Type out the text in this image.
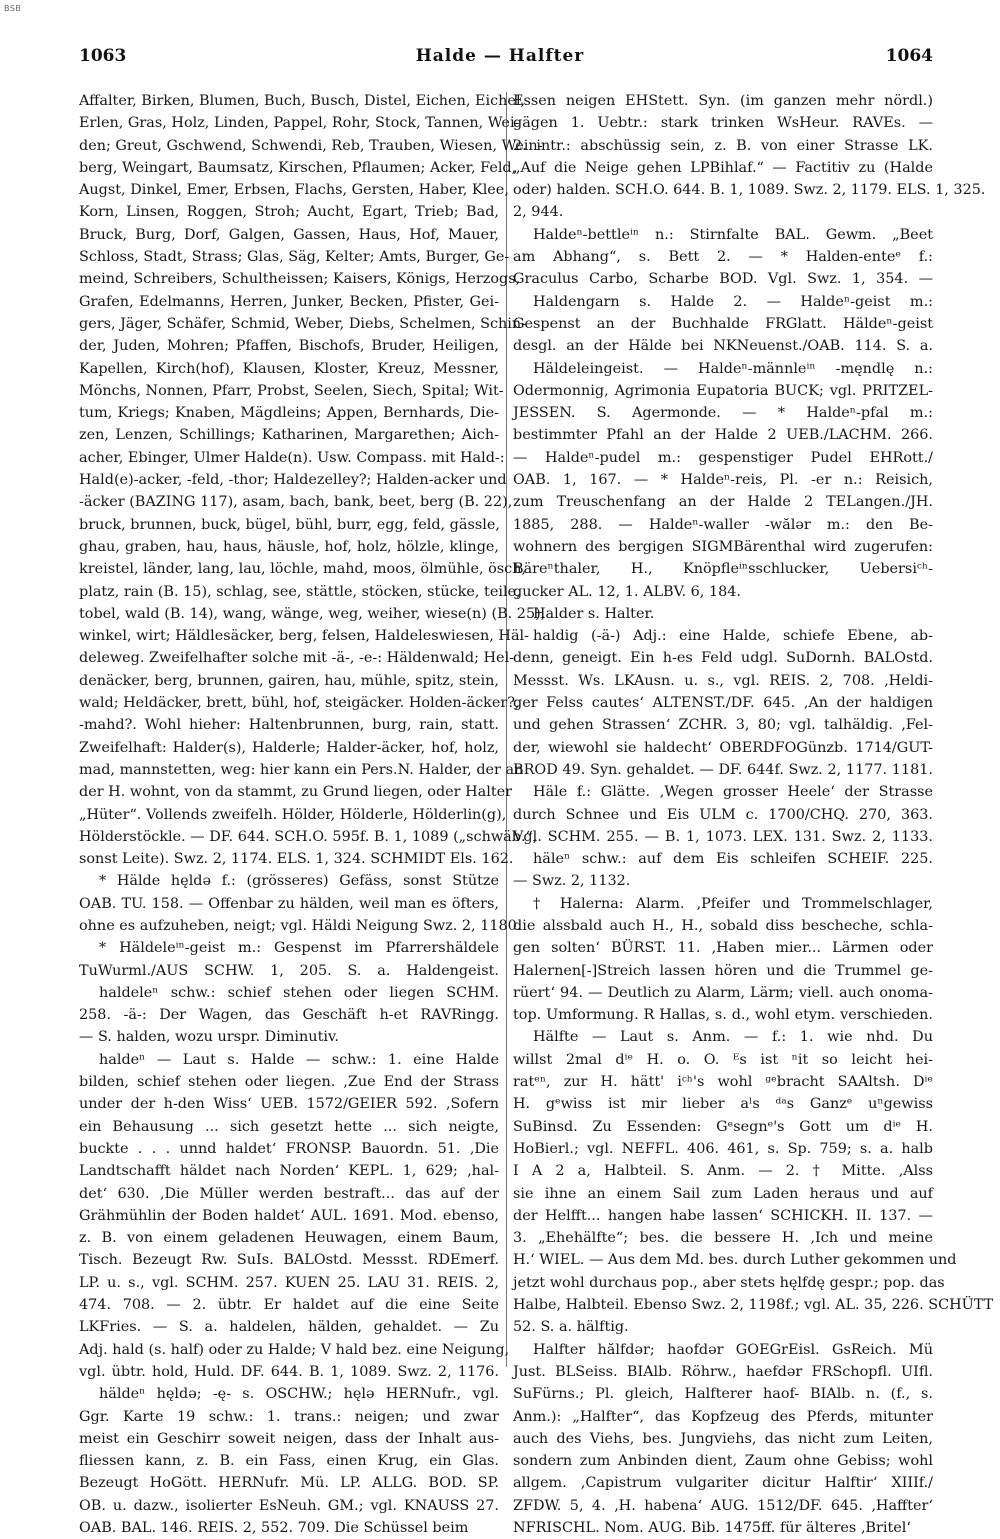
BSB
1063	Halde — Halfter	1064
Affalter, Birken, Blumen, Buch, Busch, Distel, Eichen, Eichel,
Erlen, Gras, Holz, Linden, Pappel, Rohr, Stock, Tannen, Wei-
den; Greut, Gschwend, Schwendi, Reb, Trauben, Wiesen, Wein-
berg, Weingart, Baumsatz, Kirschen, Pflaumen; Acker, Feld,
Augst, Dinkel, Emer, Erbsen, Flachs, Gersten, Haber, Klee,
Korn, Linsen, Roggen, Stroh; Aucht, Egart, Trieb; Bad,
Bruck, Burg, Dorf, Galgen, Gassen, Haus, Hof, Mauer,
Schloss, Stadt, Strass; Glas, Säg, Kelter; Amts, Burger, Ge-
meind, Schreibers, Schultheissen; Kaisers, Königs, Herzogs,
Grafen, Edelmanns, Herren, Junker, Becken, Pfister, Gei-
gers, Jäger, Schäfer, Schmid, Weber, Diebs, Schelmen, Schin-
der, Juden, Mohren; Pfaffen, Bischofs, Bruder, Heiligen,
Kapellen, Kirch(hof), Klausen, Kloster, Kreuz, Messner,
Mönchs, Nonnen, Pfarr, Probst, Seelen, Siech, Spital; Wit-
tum, Kriegs; Knaben, Mägdleins; Appen, Bernhards, Die-
zen, Lenzen, Schillings; Katharinen, Margarethen; Aich-
acher, Ebinger, Ulmer Halde(n). Usw. Compass. mit Hald-:
Hald(e)-acker, -feld, -thor; Haldezelley?; Halden-acker und
-äcker (BAZING 117), asam, bach, bank, beet, berg (B. 22),
bruck, brunnen, buck, bügel, bühl, burr, egg, feld, gässle,
ghau, graben, hau, haus, häusle, hof, holz, hölzle, klinge,
kreistel, länder, lang, lau, löchle, mahd, moos, ölmühle, ösch,
platz, rain (B. 15), schlag, see, stättle, stöcken, stücke, teile,
tobel, wald (B. 14), wang, wänge, weg, weiher, wiese(n) (B. 25),
winkel, wirt; Häldlesäcker, berg, felsen, Haldeleswiesen, Häl-
deleweg. Zweifelhafter solche mit -ä-, -e-: Häldenwald; Hel-
denäcker, berg, brunnen, gairen, hau, mühle, spitz, stein,
wald; Heldäcker, brett, bühl, hof, steigäcker. Holden-äcker?,
-mahd?. Wohl hieher: Haltenbrunnen, burg, rain, statt.
Zweifelhaft: Halder(s), Halderle; Halder-äcker, hof, holz,
mad, mannstetten, weg: hier kann ein Pers.N. Halder, der an
der H. wohnt, von da stammt, zu Grund liegen, oder Halter
„Hüter“. Vollends zweifelh. Hölder, Hölderle, Hölderlin(g),
Hölderstöckle. — DF. 644. SCH.O. 595f. B. 1, 1089 („schwäb.“,
sonst Leite). Swz. 2, 1174. ELS. 1, 324. SCHMIDT Els. 162.
* Hälde hęldə f.: (grösseres) Gefäss, sonst Stütze
OAB. TU. 158. — Offenbar zu hälden, weil man es öfters,
ohne es aufzuheben, neigt; vgl. Häldi Neigung Swz. 2, 1180.
* Häldeleⁱⁿ-geist m.: Gespenst im Pfarrershäldele
TuWurml./AUS SCHW. 1, 205. S. a. Haldengeist.
haldeleⁿ schw.: schief stehen oder liegen SCHM.
258. -ä-: Der Wagen, das Geschäft h-et RAVRingg.
— S. halden, wozu urspr. Diminutiv.
haldeⁿ — Laut s. Halde — schw.: 1. eine Halde
bilden, schief stehen oder liegen. ‚Zue End der Strass
under der h-den Wiss‘ UEB. 1572/GEIER 592. ‚Sofern
ein Behausung ... sich gesetzt hette ... sich neigte,
buckte . . . unnd haldet‘ FRONSP. Bauordn. 51. ‚Die
Landtschafft häldet nach Norden‘ KEPL. 1, 629; ‚hal-
det‘ 630. ‚Die Müller werden bestraft... das auf der
Grähmühlin der Boden haldet‘ AUL. 1691. Mod. ebenso,
z. B. von einem geladenen Heuwagen, einem Baum,
Tisch. Bezeugt Rw. SuIs. BALOstd. Messst. RDEmerf.
LP. u. s., vgl. SCHM. 257. KUEN 25. LAU 31. REIS. 2,
474. 708. — 2. übtr. Er haldet auf die eine Seite
LKFries. — S. a. haldelen, hälden, gehaldet. — Zu
Adj. hald (s. half) oder zu Halde; V hald bez. eine Neigung,
vgl. übtr. hold, Huld. DF. 644. B. 1, 1089. Swz. 2, 1176.
häldeⁿ hęldə; -ę- s. OSCHW.; hęlə HERNufr., vgl.
Ggr. Karte 19 schw.: 1. trans.: neigen; und zwar
meist ein Geschirr soweit neigen, dass der Inhalt aus-
fliessen kann, z. B. ein Fass, einen Krug, ein Glas.
Bezeugt HoGött. HERNufr. Mü. LP. ALLG. BOD. SP.
OB. u. dazw., isolierter EsNeuh. GM.; vgl. KNAUSS 27.
OAB. BAL. 146. REIS. 2, 552. 709. Die Schüssel beim
Essen neigen EHStett. Syn. (im ganzen mehr nördl.)
gägen 1. Uebtr.: stark trinken WsHeur. RAVEs. —
2. intr.: abschüssig sein, z. B. von einer Strasse LK.
„Auf die Neige gehen LPBihlaf.“ — Factitiv zu (Halde
oder) halden. SCH.O. 644. B. 1, 1089. Swz. 2, 1179. ELS. 1, 325.
2, 944.
Haldeⁿ-bettleⁱⁿ n.: Stirnfalte BAL. Gewm. „Beet
am Abhang“, s. Bett 2. — * Halden-enteᵉ f.:
Graculus Carbo, Scharbe BOD. Vgl. Swz. 1, 354. —
Haldengarn s. Halde 2. — Haldeⁿ-geist m.:
Gespenst an der Buchhalde FRGlatt. Häldeⁿ-geist
desgl. an der Hälde bei NKNeuenst./OAB. 114. S. a.
Häldeleingeist. — Haldeⁿ-männleⁱⁿ -męndlę n.:
Odermonnig, Agrimonia Eupatoria BUCK; vgl. PRITZEL-
JESSEN. S. Agermonde. — * Haldeⁿ-pfal m.:
bestimmter Pfahl an der Halde 2 UEB./LACHM. 266.
— Haldeⁿ-pudel m.: gespenstiger Pudel EHRott./
OAB. 1, 167. — * Haldeⁿ-reis, Pl. -er n.: Reisich,
zum Treuschenfang an der Halde 2 TELangen./JH.
1885, 288. — Haldeⁿ-waller -wălər m.: den Be-
wohnern des bergigen SIGMBärenthal wird zugerufen:
Bäreⁿthaler, H., Knöpfleⁱⁿsschlucker, Uebersiᶜʰ-
gucker AL. 12, 1. ALBV. 6, 184.
Halder s. Halter.
haldig (-ä-) Adj.: eine Halde, schiefe Ebene, ab-
denn, geneigt. Ein h-es Feld udgl. SuDornh. BALOstd.
Messst. Ws. LKAusn. u. s., vgl. REIS. 2, 708. ‚Heldi-
ger Felss cautes‘ ALTENST./DF. 645. ‚An der haldigen
und gehen Strassen‘ ZCHR. 3, 80; vgl. talhäldig. ‚Fel-
der, wiewohl sie haldecht‘ OBERDFOGünzb. 1714/GUT-
BROD 49. Syn. gehaldet. — DF. 644f. Swz. 2, 1177. 1181.
Häle f.: Glätte. ‚Wegen grosser Heele‘ der Strasse
durch Schnee und Eis ULM c. 1700/CHQ. 270, 363.
Vgl. SCHM. 255. — B. 1, 1073. LEX. 131. Swz. 2, 1133.
häleⁿ schw.: auf dem Eis schleifen SCHEIF. 225.
— Swz. 2, 1132.
† Halerna: Alarm. ‚Pfeifer und Trommelschlager,
die alssbald auch H., H., sobald diss bescheche, schla-
gen solten‘ BÜRST. 11. ‚Haben mier... Lärmen oder
Halernen[-]Streich lassen hören und die Trummel ge-
rüert‘ 94. — Deutlich zu Alarm, Lärm; viell. auch onoma-
top. Umformung. R Hallas, s. d., wohl etym. verschieden.
Hälfte — Laut s. Anm. — f.: 1. wie nhd. Du
willst 2mal dⁱᵉ H. o. O. ᴱs ist ⁿit so leicht hei-
ratᵉⁿ, zur H. hätt' iᶜʰ's wohl ᵍᵉbracht SAAltsh. Dⁱᵉ
H. gᵉwiss ist mir lieber aˡs ᵈᵃs Ganzᵉ uⁿgewiss
SuBinsd. Zu Essenden: Gᵉsegnᵉ's Gott um dⁱᵉ H.
HoBierl.; vgl. NEFFL. 406. 461, s. Sp. 759; s. a. halb
I A 2 a, Halbteil. S. Anm. — 2. † Mitte. ‚Alss
sie ihne an einem Sail zum Laden heraus und auf
der Helfft... hangen habe lassen‘ SCHICKH. II. 137. —
3. „Ehehälfte“; bes. die bessere H. ‚Ich und meine
H.‘ WIEL. — Aus dem Md. bes. durch Luther gekommen und
jetzt wohl durchaus pop., aber stets hęlfdę gespr.; pop. das
Halbe, Halbteil. Ebenso Swz. 2, 1198f.; vgl. AL. 35, 226. SCHÜTT
52. S. a. hälftig.
Halfter hălfdər; haofdər GOEGrEisl. GsReich. Mü
Just. BLSeiss. BIAlb. Röhrw., haefdər FRSchopfl. UIfl.
SuFürns.; Pl. gleich, Halfterer haof- BIAlb. n. (f., s.
Anm.): „Halfter“, das Kopfzeug des Pferds, mitunter
auch des Viehs, bes. Jungviehs, das nicht zum Leiten,
sondern zum Anbinden dient, Zaum ohne Gebiss; wohl
allgem. ‚Capistrum vulgariter dicitur Halftir‘ XIIIf./
ZFDW. 5, 4. ‚H. habena‘ AUG. 1512/DF. 645. ‚Haffter‘
NFRISCHL. Nom. AUG. Bib. 1475ff. für älteres ‚Britel‘
